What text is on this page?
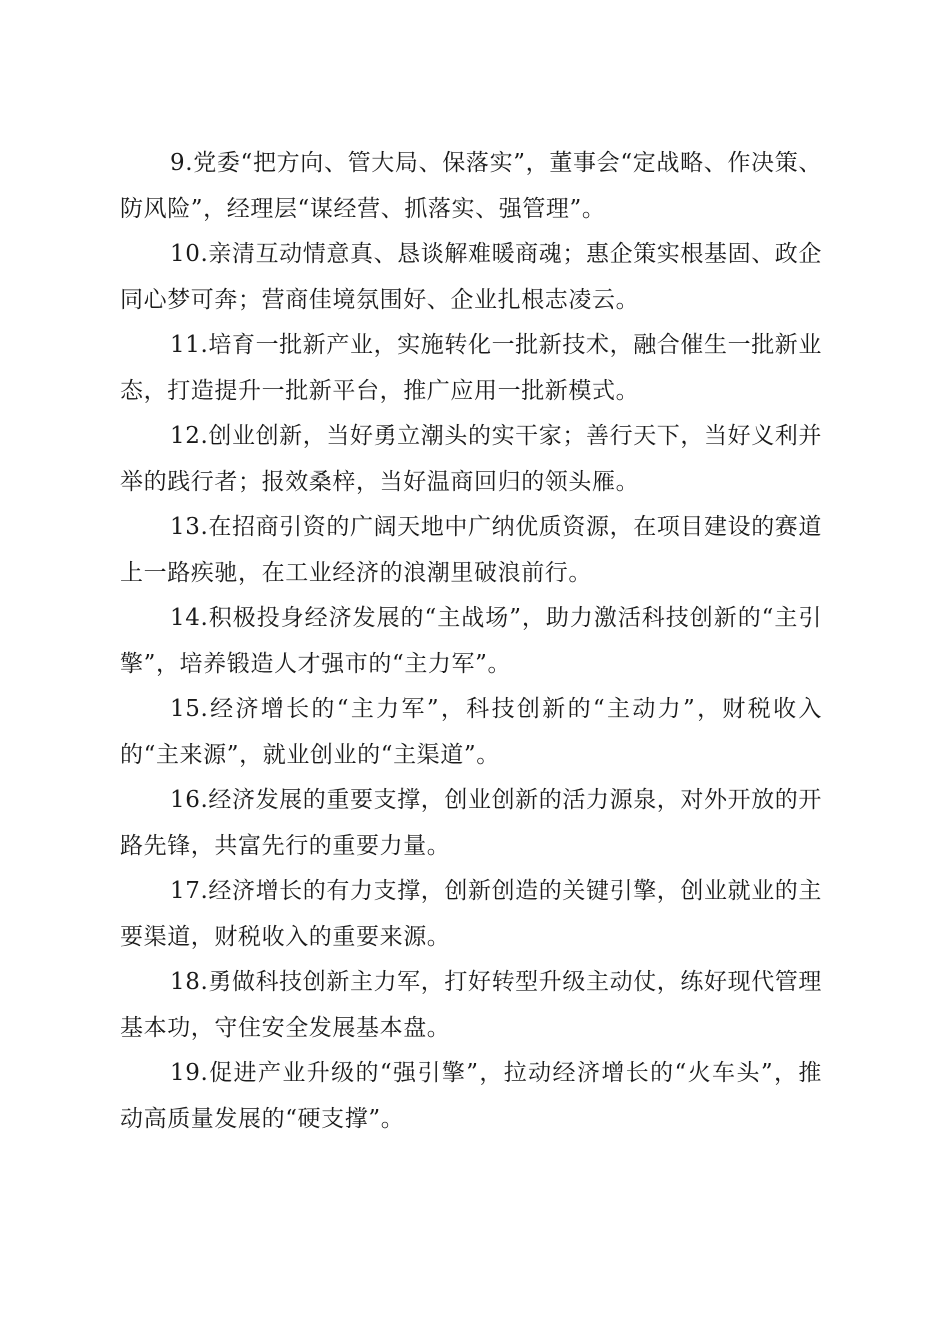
9.党委“把方向、管大局、保落实”，董事会“定战略、作决策、防风险”，经理层“谋经营、抓落实、强管理”。

10.亲清互动情意真、恳谈解难暖商魂；惠企策实根基固、政企同心梦可奔；营商佳境氛围好、企业扎根志凌云。

11.培育一批新产业，实施转化一批新技术，融合催生一批新业态，打造提升一批新平台，推广应用一批新模式。

12.创业创新，当好勇立潮头的实干家；善行天下，当好义利并举的践行者；报效桑梓，当好温商回归的领头雁。

13.在招商引资的广阔天地中广纳优质资源，在项目建设的赛道上一路疾驰，在工业经济的浪潮里破浪前行。

14.积极投身经济发展的“主战场”，助力激活科技创新的“主引擎”，培养锻造人才强市的“主力军”。

15.经济增长的“主力军”，科技创新的“主动力”，财税收入的“主来源”，就业创业的“主渠道”。

16.经济发展的重要支撑，创业创新的活力源泉，对外开放的开路先锋，共富先行的重要力量。

17.经济增长的有力支撑，创新创造的关键引擎，创业就业的主要渠道，财税收入的重要来源。

18.勇做科技创新主力军，打好转型升级主动仗，练好现代管理基本功，守住安全发展基本盘。

19.促进产业升级的“强引擎”，拉动经济增长的“火车头”，推动高质量发展的“硬支撑”。
